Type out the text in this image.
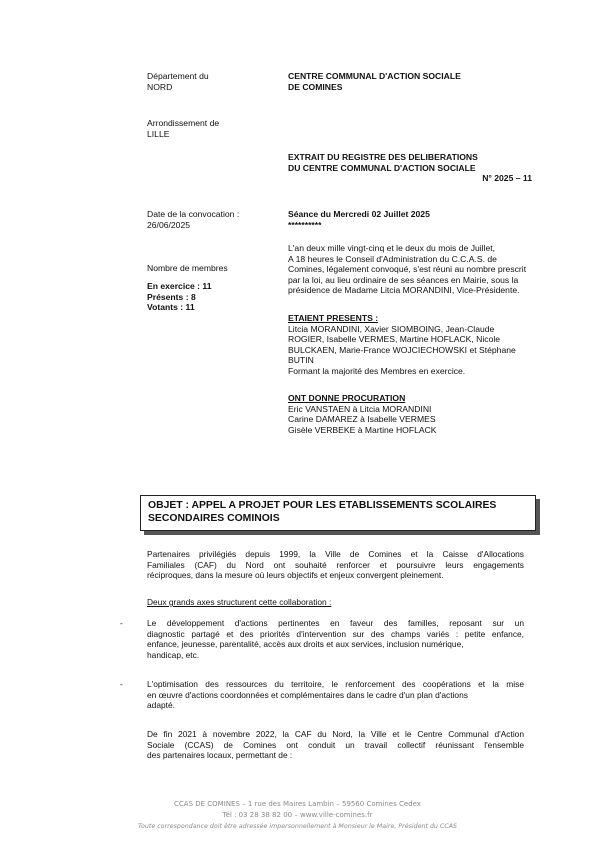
Département du
NORD
Arrondissement de
LILLE
CENTRE COMMUNAL D'ACTION SOCIALE
DE COMINES
EXTRAIT DU REGISTRE DES DELIBERATIONS
DU CENTRE COMMUNAL D'ACTION SOCIALE
N° 2025 – 11
Date de la convocation :
26/06/2025
Séance du Mercredi 02 Juillet 2025
**********
L'an deux mille vingt-cinq et le deux du mois de Juillet,
A 18 heures le Conseil d'Administration du C.C.A.S. de
Comines, légalement convoqué, s'est réuni au nombre prescrit
par la loi, au lieu ordinaire de ses séances en Mairie, sous la
présidence de Madame Litcia MORANDINI, Vice-Présidente.
Nombre de membres
En exercice : 11
Présents : 8
Votants : 11
ETAIENT PRESENTS :
Litcia MORANDINI, Xavier SIOMBOING, Jean-Claude
ROGIER, Isabelle VERMES, Martine HOFLACK, Nicole
BULCKAEN, Marie-France WOJCIECHOWSKI et Stéphane
BUTIN
Formant la majorité des Membres en exercice.
ONT DONNE PROCURATION
Eric VANSTAEN à Litcia MORANDINI
Carine DAMAREZ à Isabelle VERMES
Gisèle VERBEKE à Martine HOFLACK
OBJET : APPEL A PROJET POUR LES ETABLISSEMENTS SCOLAIRES
SECONDAIRES COMINOIS
Partenaires privilégiés depuis 1999, la Ville de Comines et la Caisse d'Allocations
Familiales (CAF) du Nord ont souhaité renforcer et poursuivre leurs engagements
réciproques, dans la mesure où leurs objectifs et enjeux convergent pleinement.
Deux grands axes structurent cette collaboration :
-	Le développement d'actions pertinentes en faveur des familles, reposant sur un
diagnostic partagé et des priorités d'intervention sur des champs variés : petite enfance,
enfance, jeunesse, parentalité, accès aux droits et aux services, inclusion numérique,
handicap, etc.
-	L'optimisation des ressources du territoire, le renforcement des coopérations et la mise
en œuvre d'actions coordonnées et complémentaires dans le cadre d'un plan d'actions
adapté.
De fin 2021 à novembre 2022, la CAF du Nord, la Ville et le Centre Communal d'Action
Sociale (CCAS) de Comines ont conduit un travail collectif réunissant l'ensemble
des partenaires locaux, permettant de :
CCAS DE COMINES – 1 rue des Maires Lambin – 59560 Comines Cedex
Tél : 03 28 38 82 00 – www.ville-comines.fr
Toute correspondance doit être adressée impersonnellement à Monsieur le Maire, Président du CCAS
